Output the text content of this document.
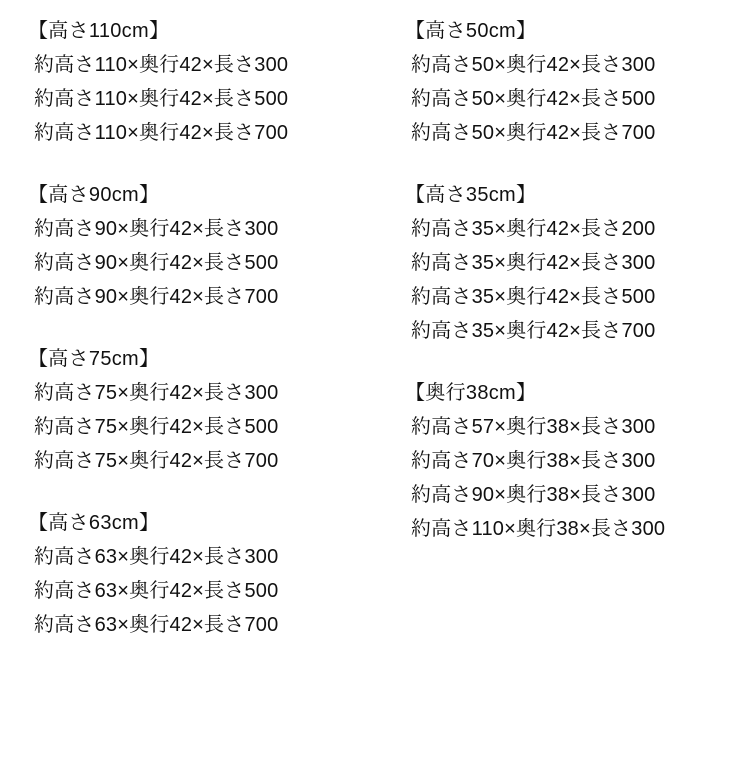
【高さ110cm】
約高さ110×奥行42×長さ300
約高さ110×奥行42×長さ500
約高さ110×奥行42×長さ700
【高さ90cm】
約高さ90×奥行42×長さ300
約高さ90×奥行42×長さ500
約高さ90×奥行42×長さ700
【高さ75cm】
約高さ75×奥行42×長さ300
約高さ75×奥行42×長さ500
約高さ75×奥行42×長さ700
【高さ63cm】
約高さ63×奥行42×長さ300
約高さ63×奥行42×長さ500
約高さ63×奥行42×長さ700
【高さ50cm】
約高さ50×奥行42×長さ300
約高さ50×奥行42×長さ500
約高さ50×奥行42×長さ700
【高さ35cm】
約高さ35×奥行42×長さ200
約高さ35×奥行42×長さ300
約高さ35×奥行42×長さ500
約高さ35×奥行42×長さ700
【奥行38cm】
約高さ57×奥行38×長さ300
約高さ70×奥行38×長さ300
約高さ90×奥行38×長さ300
約高さ110×奥行38×長さ300
